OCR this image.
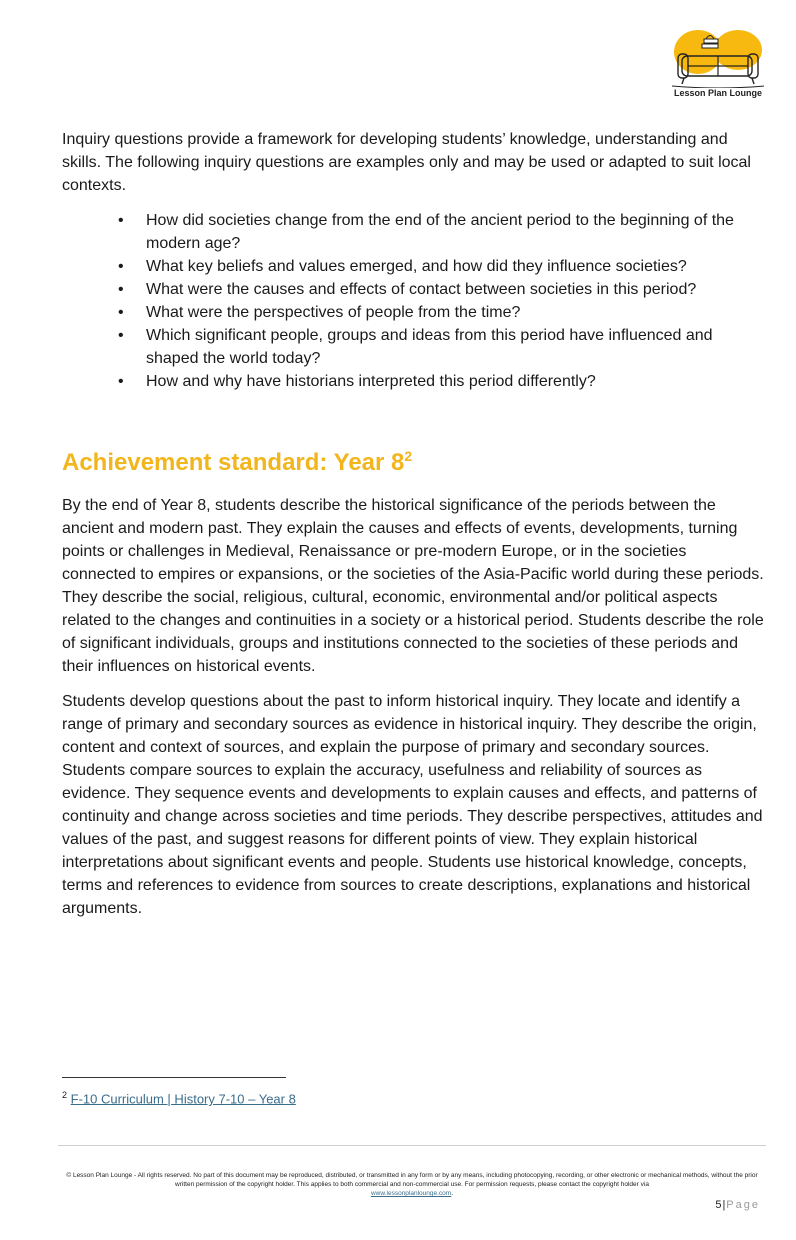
Lesson Plan Lounge

Inquiry questions provide a framework for developing students’ knowledge, understanding and skills. The following inquiry questions are examples only and may be used or adapted to suit local contexts.

• How did societies change from the end of the ancient period to the beginning of the modern age?
• What key beliefs and values emerged, and how did they influence societies?
• What were the causes and effects of contact between societies in this period?
• What were the perspectives of people from the time?
• Which significant people, groups and ideas from this period have influenced and shaped the world today?
• How and why have historians interpreted this period differently?
Achievement standard: Year $8^2$

By the end of Year 8, students describe the historical significance of the periods between the ancient and modern past. They explain the causes and effects of events, developments, turning points or challenges in Medieval, Renaissance or pre-modern Europe, or in the societies connected to empires or expansions, or the societies of the Asia-Pacific world during these periods. They describe the social, religious, cultural, economic, environmental and/or political aspects related to the changes and continuities in a society or a historical period. Students describe the role of significant individuals, groups and institutions connected to the societies of these periods and their influences on historical events.

Students develop questions about the past to inform historical inquiry. They locate and identify a range of primary and secondary sources as evidence in historical inquiry. They describe the origin, content and context of sources, and explain the purpose of primary and secondary sources. Students compare sources to explain the accuracy, usefulness and reliability of sources as evidence. They sequence events and developments to explain causes and effects, and patterns of continuity and change across societies and time periods. They describe perspectives, attitudes and values of the past, and suggest reasons for different points of view. They explain historical interpretations about significant events and people. Students use historical knowledge, concepts, terms and references to evidence from sources to create descriptions, explanations and historical arguments.

$^2$ F-10 Curriculum | History 7-10 – Year 8
© Lesson Plan Lounge - All rights reserved. No part of this document may be reproduced, distributed, or transmitted in any form or by any means, including photocopying, recording, or other electronic or mechanical methods, without the prior written permission of the copyright holder. This applies to both commercial and non-commercial use. For permission requests, please contact the copyright holder via
www.lessonplanlounge.com.
5|Page
